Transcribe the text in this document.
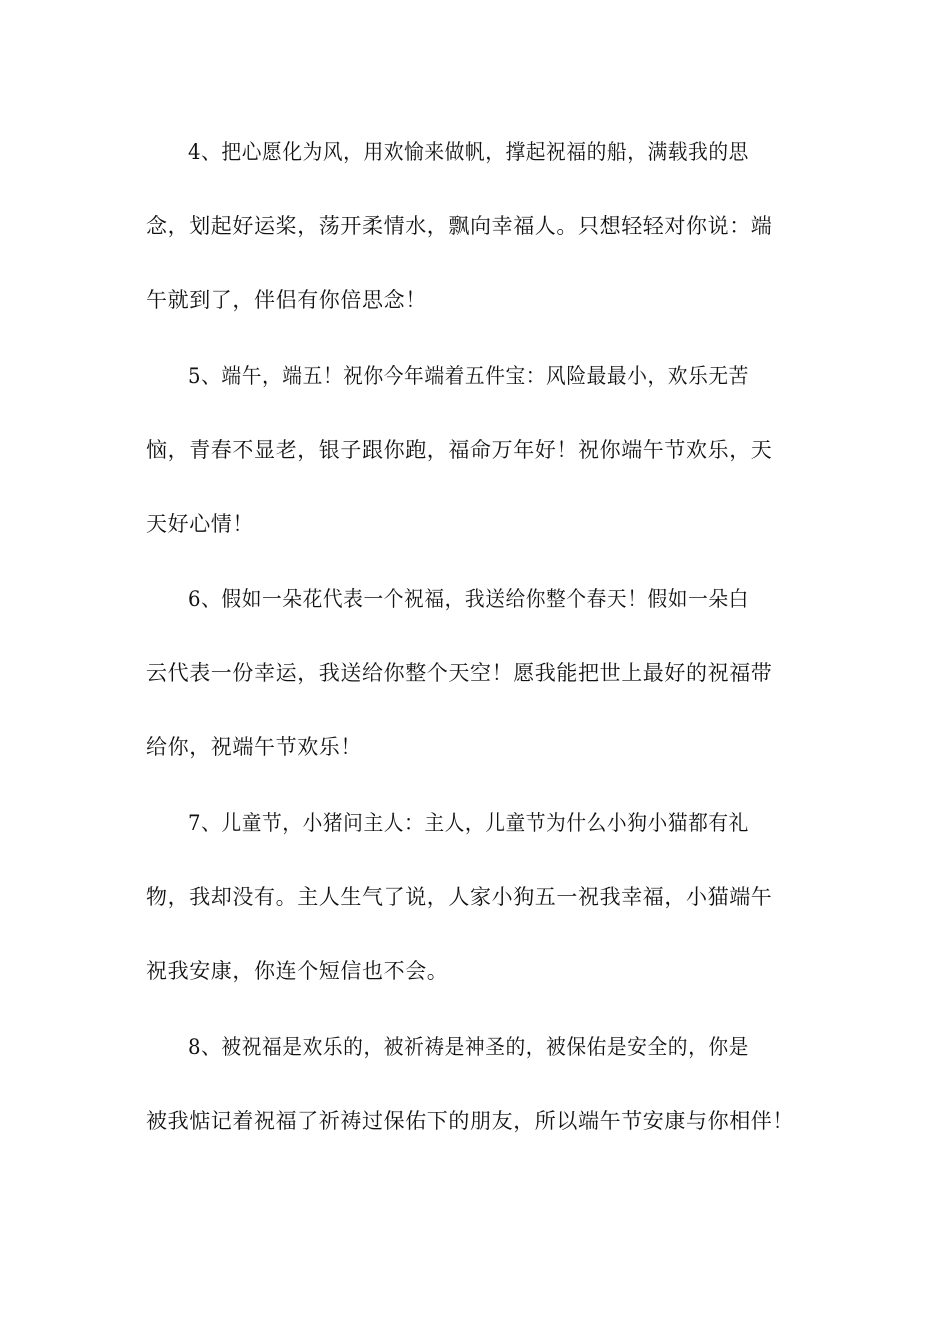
4、把心愿化为风，用欢愉来做帆，撑起祝福的船，满载我的思
念，划起好运桨，荡开柔情水，飘向幸福人。只想轻轻对你说：端
午就到了，伴侣有你倍思念！
5、端午，端五！祝你今年端着五件宝：风险最最小，欢乐无苦
恼，青春不显老，银子跟你跑，福命万年好！祝你端午节欢乐，天
天好心情！
6、假如一朵花代表一个祝福，我送给你整个春天！假如一朵白
云代表一份幸运，我送给你整个天空！愿我能把世上最好的祝福带
给你，祝端午节欢乐！
7、儿童节，小猪问主人：主人，儿童节为什么小狗小猫都有礼
物，我却没有。主人生气了说，人家小狗五一祝我幸福，小猫端午
祝我安康，你连个短信也不会。
8、被祝福是欢乐的，被祈祷是神圣的，被保佑是安全的，你是
被我惦记着祝福了祈祷过保佑下的朋友，所以端午节安康与你相伴！
